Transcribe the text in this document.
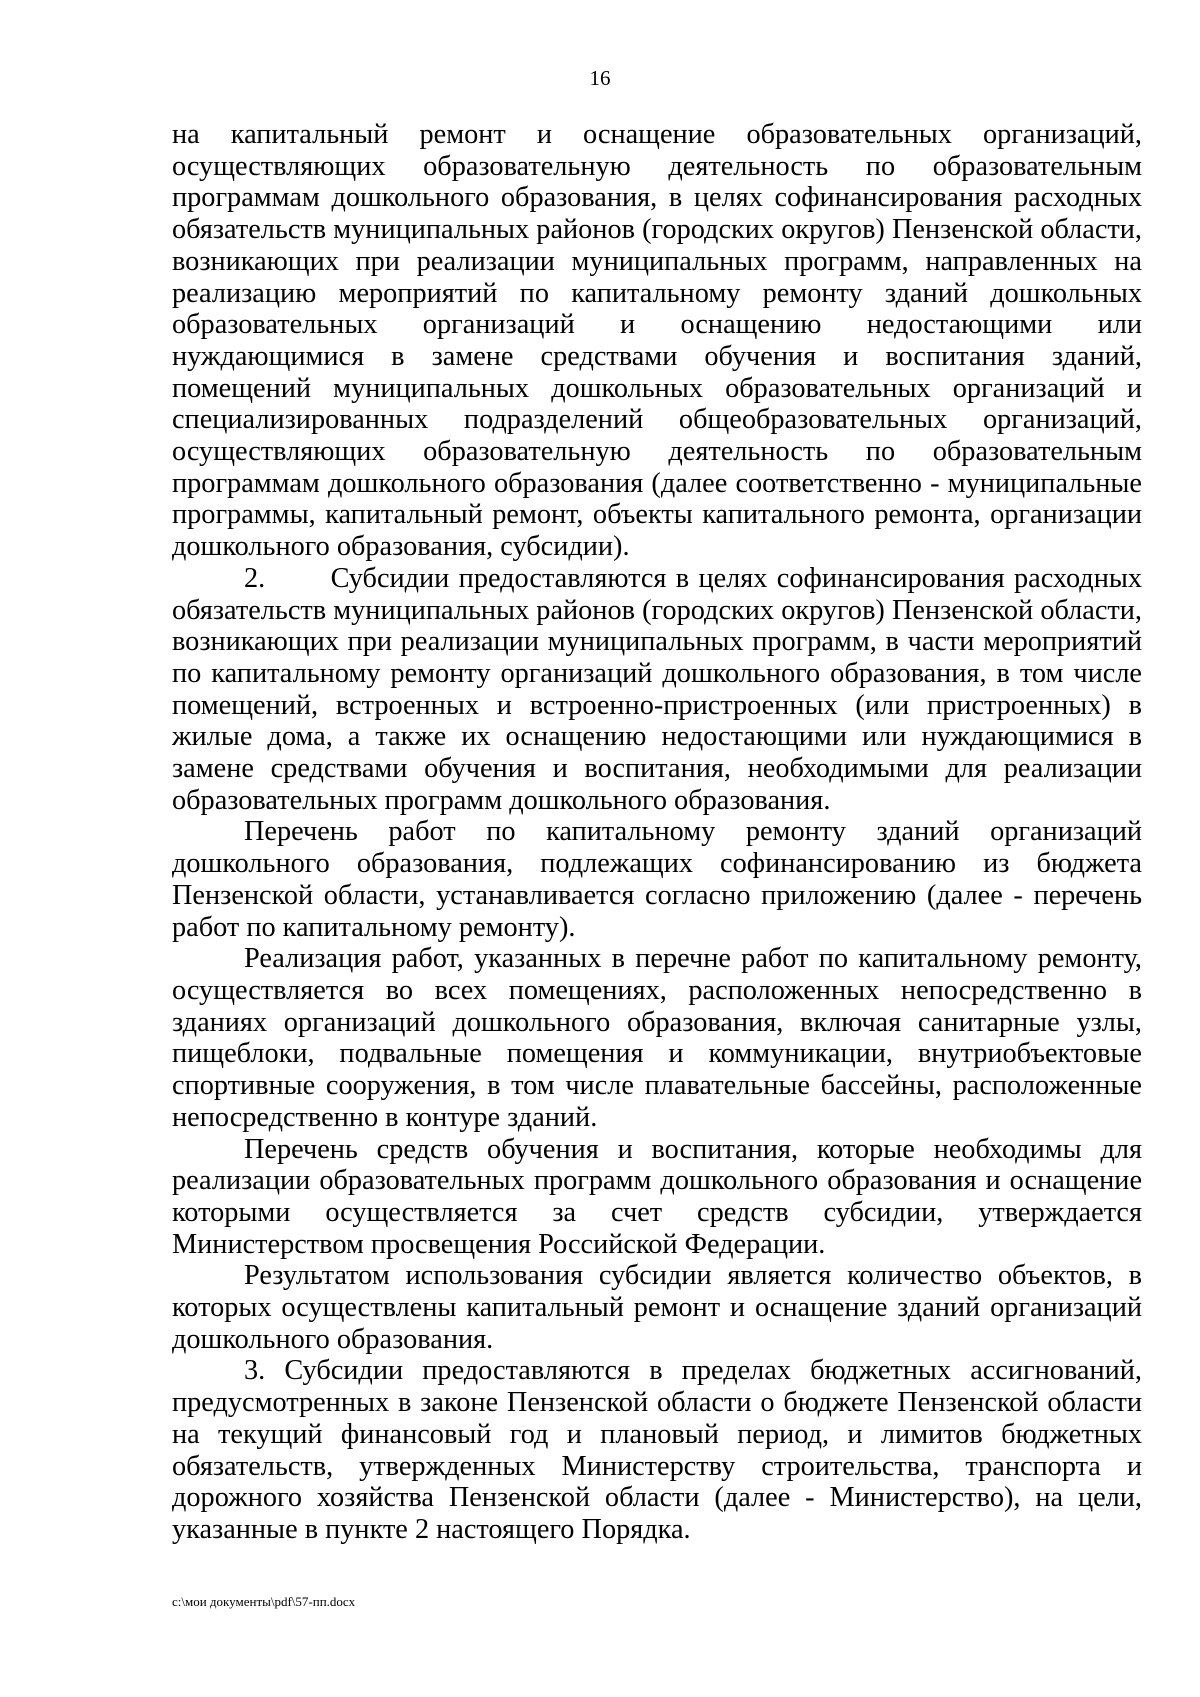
16

на капитальный ремонт и оснащение образовательных организаций, осуществляющих образовательную деятельность по образовательным программам дошкольного образования, в целях софинансирования расходных обязательств муниципальных районов (городских округов) Пензенской области, возникающих при реализации муниципальных программ, направленных на реализацию мероприятий по капитальному ремонту зданий дошкольных образовательных организаций и оснащению недостающими или нуждающимися в замене средствами обучения и воспитания зданий, помещений муниципальных дошкольных образовательных организаций и специализированных подразделений общеобразовательных организаций, осуществляющих образовательную деятельность по образовательным программам дошкольного образования (далее соответственно - муниципальные программы, капитальный ремонт, объекты капитального ремонта, организации дошкольного образования, субсидии).

2.       Субсидии предоставляются в целях софинансирования расходных обязательств муниципальных районов (городских округов) Пензенской области, возникающих при реализации муниципальных программ, в части мероприятий по капитальному ремонту организаций дошкольного образования, в том числе помещений, встроенных и встроенно-пристроенных (или пристроенных) в жилые дома, а также их оснащению недостающими или нуждающимися в замене средствами обучения и воспитания, необходимыми для реализации образовательных программ дошкольного образования.

Перечень работ по капитальному ремонту зданий организаций дошкольного образования, подлежащих софинансированию из бюджета Пензенской области, устанавливается согласно приложению (далее - перечень работ по капитальному ремонту).

Реализация работ, указанных в перечне работ по капитальному ремонту, осуществляется во всех помещениях, расположенных непосредственно в зданиях организаций дошкольного образования, включая санитарные узлы, пищеблоки, подвальные помещения и коммуникации, внутриобъектовые спортивные сооружения, в том числе плавательные бассейны, расположенные непосредственно в контуре зданий.

Перечень средств обучения и воспитания, которые необходимы для реализации образовательных программ дошкольного образования и оснащение которыми осуществляется за счет средств субсидии, утверждается Министерством просвещения Российской Федерации.

Результатом использования субсидии является количество объектов, в которых осуществлены капитальный ремонт и оснащение зданий организаций дошкольного образования.

3. Субсидии предоставляются в пределах бюджетных ассигнований, предусмотренных в законе Пензенской области о бюджете Пензенской области на текущий финансовый год и плановый период, и лимитов бюджетных обязательств, утвержденных Министерству строительства, транспорта и дорожного хозяйства Пензенской области (далее - Министерство), на цели, указанные в пункте 2 настоящего Порядка.

c:\мои документы\pdf\57-пп.docx
